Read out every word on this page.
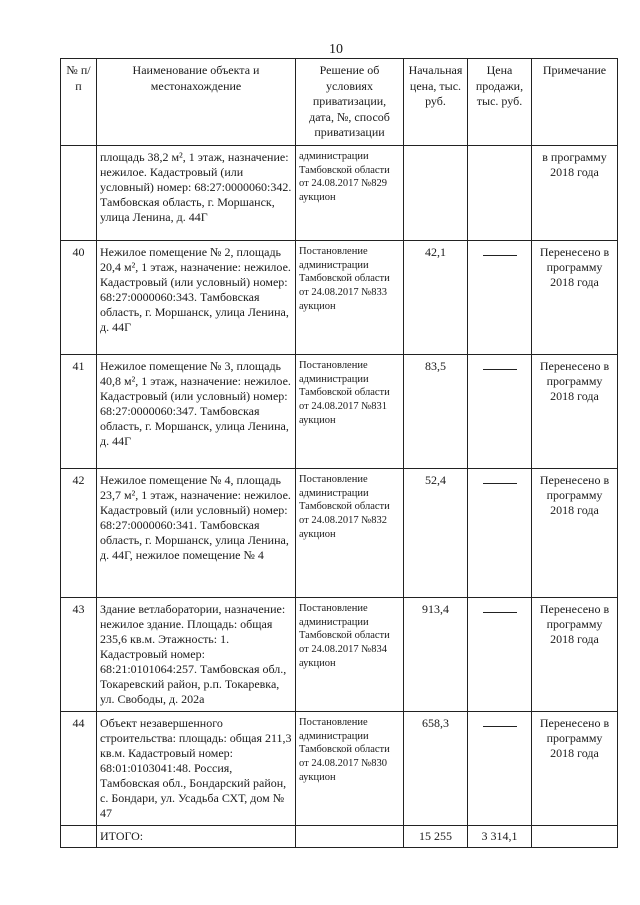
10
№ п/п	Наименование объекта и местонахождение	Решение об условиях приватизации, дата, №, способ приватизации	Начальная цена, тыс. руб.	Цена продажи, тыс. руб.	Примечание
	площадь 38,2 м², 1 этаж, назначение: нежилое. Кадастровый (или условный) номер: 68:27:0000060:342. Тамбовская область, г. Моршанск, улица Ленина, д. 44Г	администрации Тамбовской области от 24.08.2017 №829 аукцион			в программу 2018 года
40	Нежилое помещение № 2, площадь 20,4 м², 1 этаж, назначение: нежилое. Кадастровый (или условный) номер: 68:27:0000060:343. Тамбовская область, г. Моршанск, улица Ленина, д. 44Г	Постановление администрации Тамбовской области от 24.08.2017 №833 аукцион	42,1		Перенесено в программу 2018 года
41	Нежилое помещение № 3, площадь 40,8 м², 1 этаж, назначение: нежилое. Кадастровый (или условный) номер: 68:27:0000060:347. Тамбовская область, г. Моршанск, улица Ленина, д. 44Г	Постановление администрации Тамбовской области от 24.08.2017 №831 аукцион	83,5		Перенесено в программу 2018 года
42	Нежилое помещение № 4, площадь 23,7 м², 1 этаж, назначение: нежилое. Кадастровый (или условный) номер: 68:27:0000060:341. Тамбовская область, г. Моршанск, улица Ленина, д. 44Г, нежилое помещение № 4	Постановление администрации Тамбовской области от 24.08.2017 №832 аукцион	52,4		Перенесено в программу 2018 года
43	Здание ветлаборатории, назначение: нежилое здание. Площадь: общая 235,6 кв.м. Этажность: 1. Кадастровый номер: 68:21:0101064:257. Тамбовская обл., Токаревский район, р.п. Токаревка, ул. Свободы, д. 202а	Постановление администрации Тамбовской области от 24.08.2017 №834 аукцион	913,4		Перенесено в программу 2018 года
44	Объект незавершенного строительства: площадь: общая 211,3 кв.м. Кадастровый номер: 68:01:0103041:48. Россия, Тамбовская обл., Бондарский район, с. Бондари, ул. Усадьба СХТ, дом № 47	Постановление администрации Тамбовской области от 24.08.2017 №830 аукцион	658,3		Перенесено в программу 2018 года
	ИТОГО:		15 255	3 314,1	
